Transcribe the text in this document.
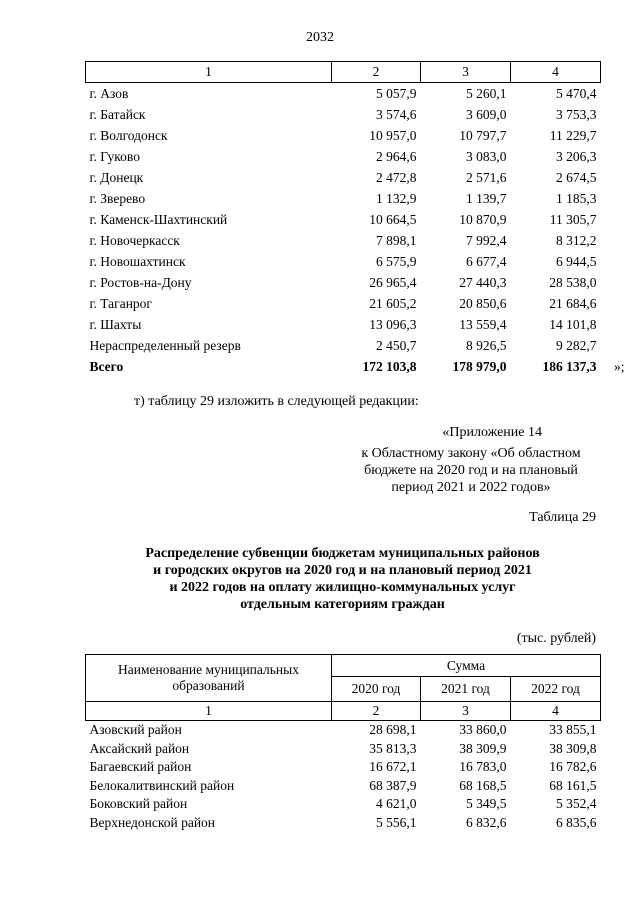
2032
1	2	3	4
г. Азов	5 057,9	5 260,1	5 470,4
г. Батайск	3 574,6	3 609,0	3 753,3
г. Волгодонск	10 957,0	10 797,7	11 229,7
г. Гуково	2 964,6	3 083,0	3 206,3
г. Донецк	2 472,8	2 571,6	2 674,5
г. Зверево	1 132,9	1 139,7	1 185,3
г. Каменск-Шахтинский	10 664,5	10 870,9	11 305,7
г. Новочеркасск	7 898,1	7 992,4	8 312,2
г. Новошахтинск	6 575,9	6 677,4	6 944,5
г. Ростов-на-Дону	26 965,4	27 440,3	28 538,0
г. Таганрог	21 605,2	20 850,6	21 684,6
г. Шахты	13 096,3	13 559,4	14 101,8
Нераспределенный резерв	2 450,7	8 926,5	9 282,7
Всего	172 103,8	178 979,0	186 137,3 »;
т) таблицу 29 изложить в следующей редакции:
«Приложение 14
к Областному закону «Об областном
бюджете на 2020 год и на плановый
период 2021 и 2022 годов»
Таблица 29
Распределение субвенции бюджетам муниципальных районов
и городских округов на 2020 год и на плановый период 2021
и 2022 годов на оплату жилищно-коммунальных услуг
отдельным категориям граждан
(тыс. рублей)
Наименование муниципальных образований	Сумма		
	2020 год	2021 год	2022 год
1	2	3	4
Азовский район	28 698,1	33 860,0	33 855,1
Аксайский район	35 813,3	38 309,9	38 309,8
Багаевский район	16 672,1	16 783,0	16 782,6
Белокалитвинский район	68 387,9	68 168,5	68 161,5
Боковский район	4 621,0	5 349,5	5 352,4
Верхнедонской район	5 556,1	6 832,6	6 835,6
